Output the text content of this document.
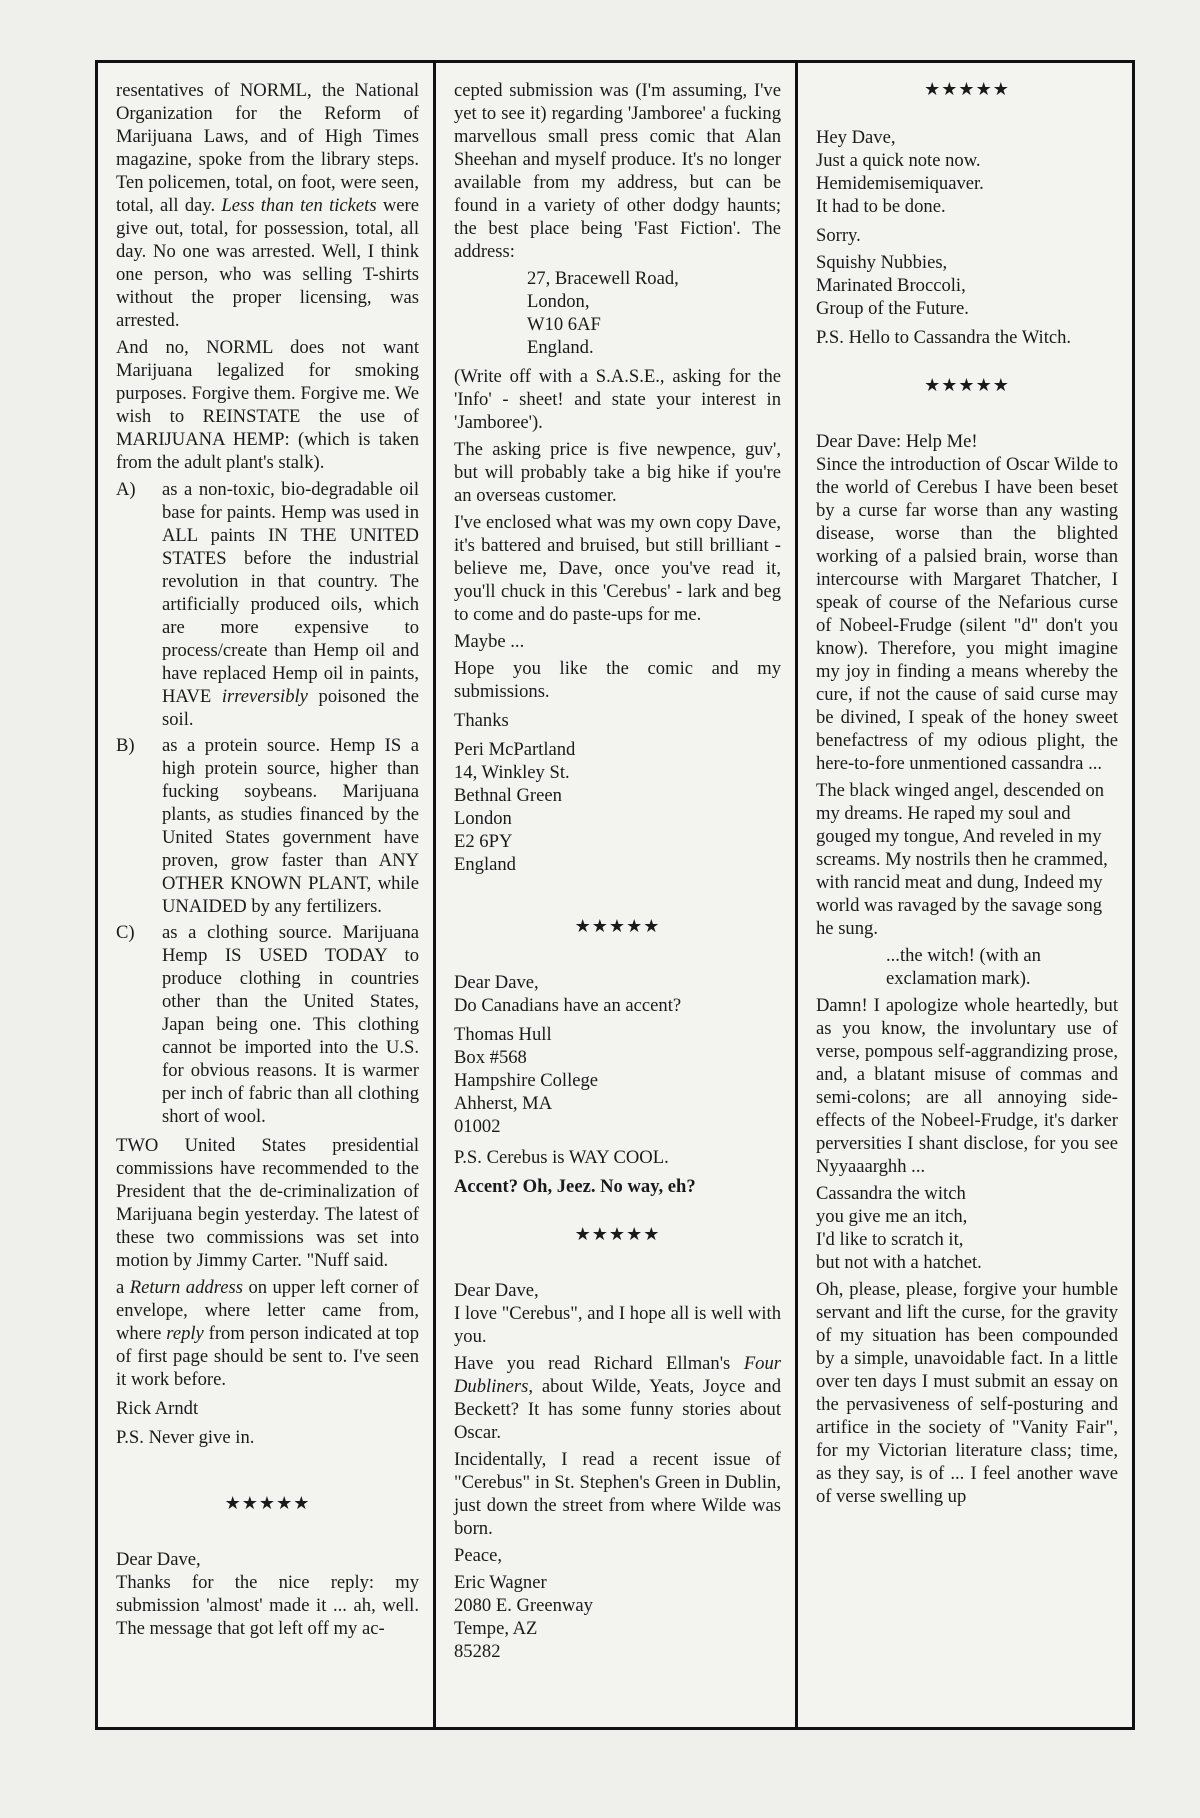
resentatives of NORML, the National Organization for the Reform of Marijuana Laws, and of High Times magazine, spoke from the library steps. Ten policemen, total, on foot, were seen, total, all day. Less than ten tickets were give out, total, for possession, total, all day. No one was arrested. Well, I think one person, who was selling T-shirts without the proper licensing, was arrested.

And no, NORML does not want Marijuana legalized for smoking purposes. Forgive them. Forgive me. We wish to REINSTATE the use of MARIJUANA HEMP: (which is taken from the adult plant's stalk).

A)	as a non-toxic, bio-degradable oil base for paints. Hemp was used in ALL paints IN THE UNITED STATES before the industrial revolution in that country. The artificially produced oils, which are more expensive to process/create than Hemp oil and have replaced Hemp oil in paints, HAVE irreversibly poisoned the soil.
B)	as a protein source. Hemp IS a high protein source, higher than fucking soybeans. Marijuana plants, as studies financed by the United States government have proven, grow faster than ANY OTHER KNOWN PLANT, while UNAIDED by any fertilizers.
C)	as a clothing source. Marijuana Hemp IS USED TODAY to produce clothing in countries other than the United States, Japan being one. This clothing cannot be imported into the U.S. for obvious reasons. It is warmer per inch of fabric than all clothing short of wool.

TWO United States presidential commissions have recommended to the President that the de-criminalization of Marijuana begin yesterday. The latest of these two commissions was set into motion by Jimmy Carter. "Nuff said.

a Return address on upper left corner of envelope, where letter came from, where reply from person indicated at top of first page should be sent to. I've seen it work before.

Rick Arndt

P.S. Never give in.

★★★★★

Dear Dave,

Thanks for the nice reply: my submission 'almost' made it ... ah, well. The message that got left off my ac-

cepted submission was (I'm assuming, I've yet to see it) regarding 'Jamboree' a fucking marvellous small press comic that Alan Sheehan and myself produce. It's no longer available from my address, but can be found in a variety of other dodgy haunts; the best place being 'Fast Fiction'. The address:

27, Bracewell Road,

London,

W10 6AF

England.

(Write off with a S.A.S.E., asking for the 'Info' - sheet! and state your interest in 'Jamboree').

The asking price is five newpence, guv', but will probably take a big hike if you're an overseas customer.

I've enclosed what was my own copy Dave, it's battered and bruised, but still brilliant - believe me, Dave, once you've read it, you'll chuck in this 'Cerebus' - lark and beg to come and do paste-ups for me.

Maybe ...

Hope you like the comic and my submissions.

Thanks

Peri McPartland

14, Winkley St.

Bethnal Green

London

E2 6PY

England

★★★★★

Dear Dave,

Do Canadians have an accent?

Thomas Hull

Box #568

Hampshire College

Ahherst, MA

01002

P.S. Cerebus is WAY COOL.

Accent? Oh, Jeez. No way, eh?

★★★★★

Dear Dave,

I love "Cerebus", and I hope all is well with you.

Have you read Richard Ellman's Four Dubliners, about Wilde, Yeats, Joyce and Beckett? It has some funny stories about Oscar.

Incidentally, I read a recent issue of "Cerebus" in St. Stephen's Green in Dublin, just down the street from where Wilde was born.

Peace,

Eric Wagner

2080 E. Greenway

Tempe, AZ

85282

★★★★★

Hey Dave,

Just a quick note now.

Hemidemisemiquaver.

It had to be done.

Sorry.

Squishy Nubbies,

Marinated Broccoli,

Group of the Future.

P.S. Hello to Cassandra the Witch.

★★★★★

Dear Dave: Help Me!

Since the introduction of Oscar Wilde to the world of Cerebus I have been beset by a curse far worse than any wasting disease, worse than the blighted working of a palsied brain, worse than intercourse with Margaret Thatcher, I speak of course of the Nefarious curse of Nobeel-Frudge (silent "d" don't you know). Therefore, you might imagine my joy in finding a means whereby the cure, if not the cause of said curse may be divined, I speak of the honey sweet benefactress of my odious plight, the here-to-fore unmentioned cassandra ...

The black winged angel, descended on my dreams. He raped my soul and gouged my tongue, And reveled in my screams. My nostrils then he crammed, with rancid meat and dung, Indeed my world was ravaged by the savage song he sung.

...the witch! (with an exclamation mark).

Damn! I apologize whole heartedly, but as you know, the involuntary use of verse, pompous self-aggrandizing prose, and, a blatant misuse of commas and semi-colons; are all annoying side-effects of the Nobeel-Frudge, it's darker perversities I shant disclose, for you see Nyyaaarghh ...

Cassandra the witch

you give me an itch,

I'd like to scratch it,

but not with a hatchet.

Oh, please, please, forgive your humble servant and lift the curse, for the gravity of my situation has been compounded by a simple, unavoidable fact. In a little over ten days I must submit an essay on the pervasiveness of self-posturing and artifice in the society of "Vanity Fair", for my Victorian literature class; time, as they say, is of ... I feel another wave of verse swelling up
